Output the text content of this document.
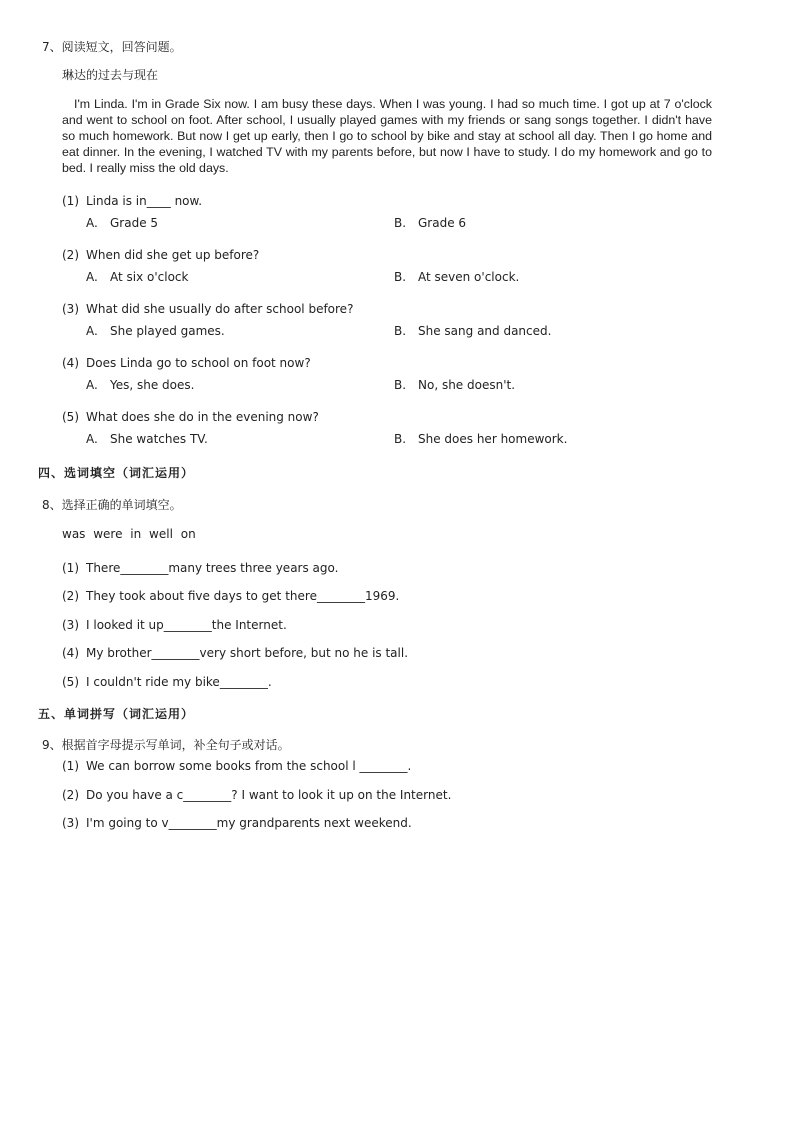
7、阅读短文，回答问题。
琳达的过去与现在
I'm Linda. I'm in Grade Six now. I am busy these days. When I was young. I had so much time. I got up at 7 o'clock and went to school on foot. After school, I usually played games with my friends or sang songs together. I didn't have so much homework. But now I get up early, then I go to school by bike and stay at school all day. Then I go home and eat dinner. In the evening, I watched TV with my parents before, but now I have to study. I do my homework and go to bed. I really miss the old days.
(1) Linda is in____ now.
A. Grade 5	B. Grade 6
(2) When did she get up before?
A. At six o'clock	B. At seven o'clock.
(3) What did she usually do after school before?
A. She played games.	B. She sang and danced.
(4) Does Linda go to school on foot now?
A. Yes, she does.	B. No, she doesn't.
(5) What does she do in the evening now?
A. She watches TV.	B. She does her homework.
四、选词填空（词汇运用）
8、选择正确的单词填空。
was were in well on
(1) There________many trees three years ago.
(2) They took about five days to get there________1969.
(3) I looked it up________the Internet.
(4) My brother________very short before, but no he is tall.
(5) I couldn't ride my bike________.
五、单词拼写（词汇运用）
9、根据首字母提示写单词，补全句子或对话。
(1) We can borrow some books from the school l ________.
(2) Do you have a c________? I want to look it up on the Internet.
(3) I'm going to v________my grandparents next weekend.
